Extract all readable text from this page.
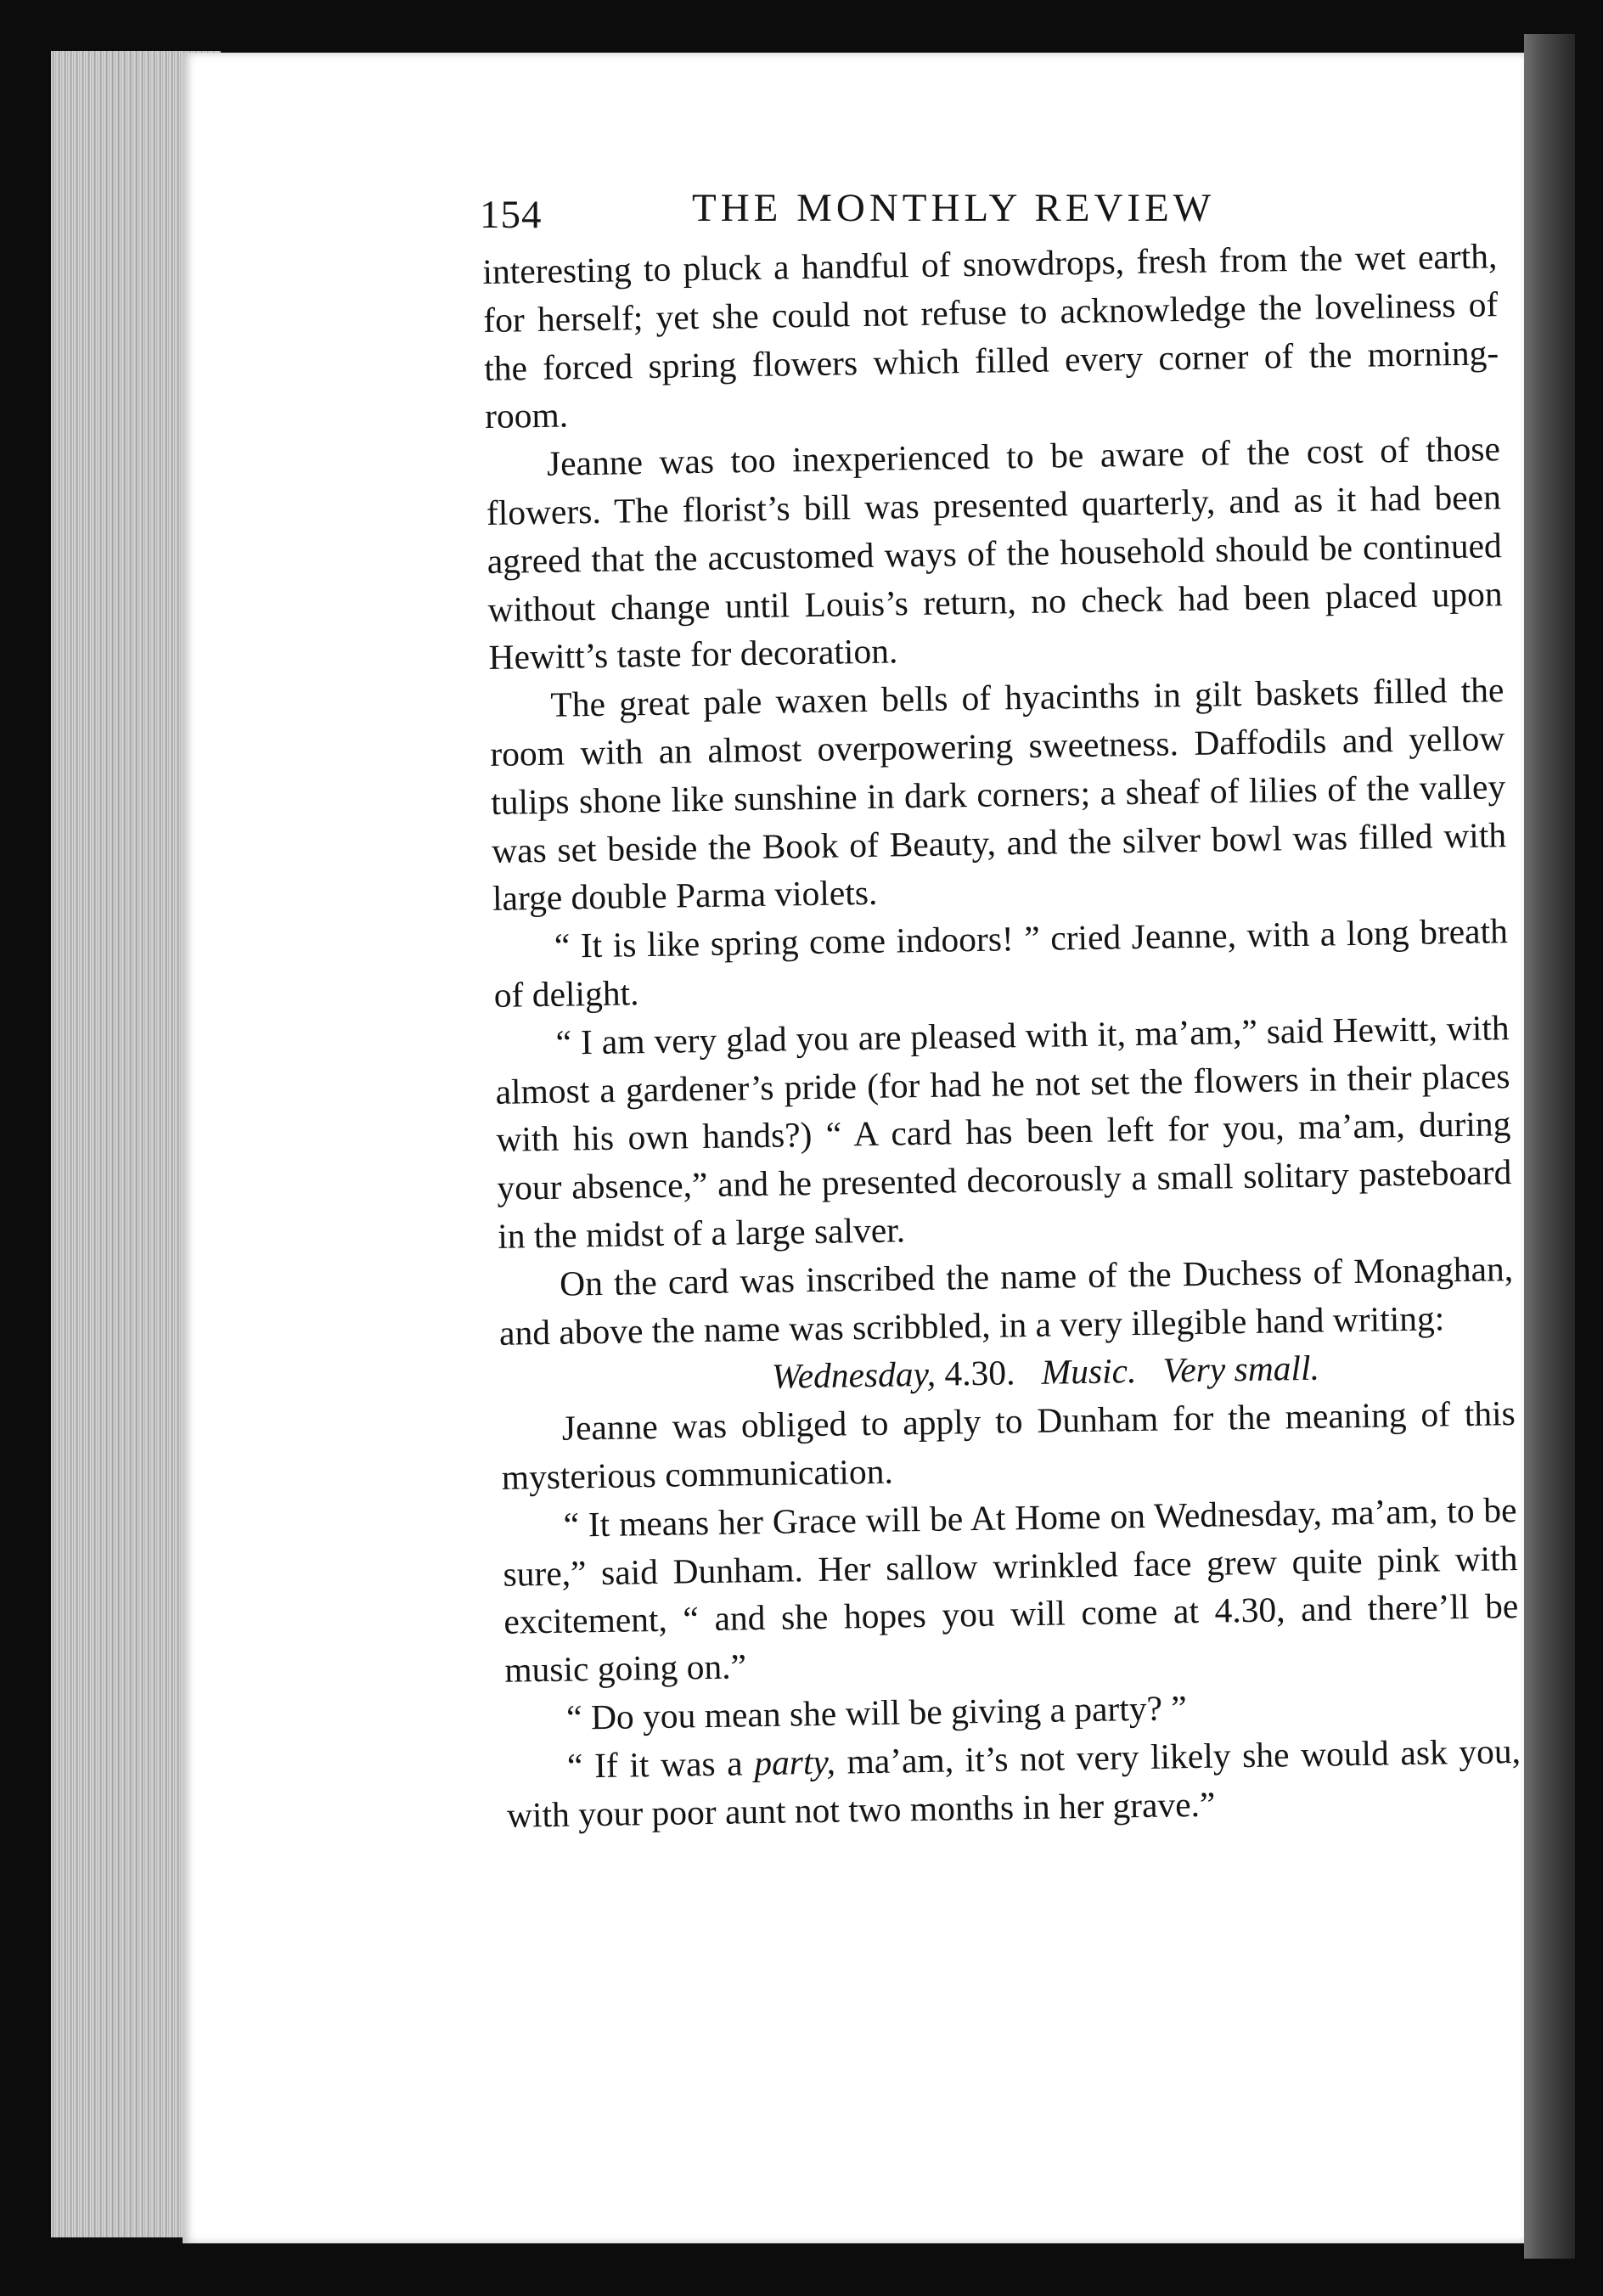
154	THE MONTHLY REVIEW

interesting to pluck a handful of snowdrops, fresh from the wet earth, for herself; yet she could not refuse to acknowledge the loveliness of the forced spring flowers which filled every corner of the morning-room.

Jeanne was too inexperienced to be aware of the cost of those flowers. The florist’s bill was presented quarterly, and as it had been agreed that the accustomed ways of the household should be continued without change until Louis’s return, no check had been placed upon Hewitt’s taste for decoration.

The great pale waxen bells of hyacinths in gilt baskets filled the room with an almost overpowering sweetness. Daffodils and yellow tulips shone like sunshine in dark corners; a sheaf of lilies of the valley was set beside the Book of Beauty, and the silver bowl was filled with large double Parma violets.

“ It is like spring come indoors! ” cried Jeanne, with a long breath of delight.

“ I am very glad you are pleased with it, ma’am,” said Hewitt, with almost a gardener’s pride (for had he not set the flowers in their places with his own hands?) “ A card has been left for you, ma’am, during your absence,” and he presented decorously a small solitary pasteboard in the midst of a large salver.

On the card was inscribed the name of the Duchess of Monaghan, and above the name was scribbled, in a very illegible hand writing:

Wednesday, 4.30. Music. Very small.

Jeanne was obliged to apply to Dunham for the meaning of this mysterious communication.

“ It means her Grace will be At Home on Wednesday, ma’am, to be sure,” said Dunham. Her sallow wrinkled face grew quite pink with excitement, “ and she hopes you will come at 4.30, and there’ll be music going on.”

“ Do you mean she will be giving a party? ”

“ If it was a party, ma’am, it’s not very likely she would ask you, with your poor aunt not two months in her grave.”
